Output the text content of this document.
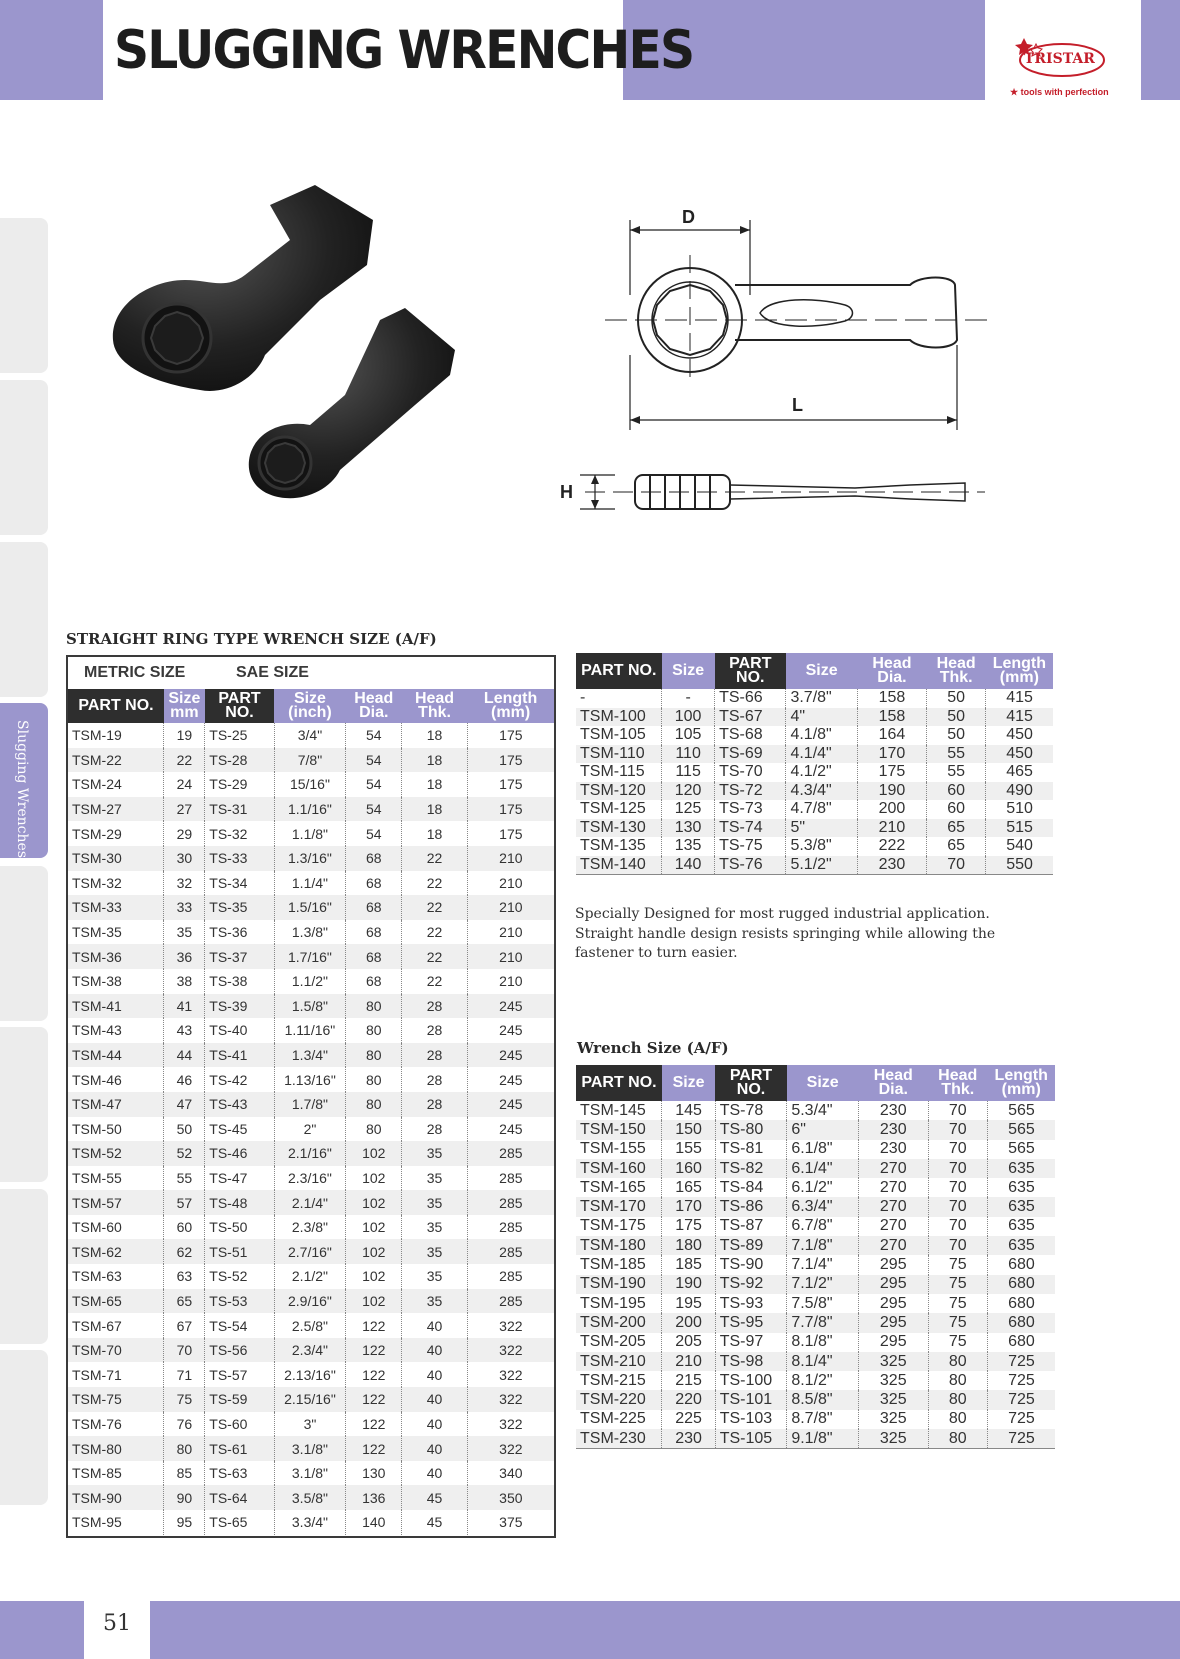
SLUGGING WRENCHES	TRISTAR
★ tools with perfection
Slugging Wrenches
D
L
H
STRAIGHT RING TYPE WRENCH SIZE (A/F)
METRIC SIZE	SAE SIZE
PART NO.	Size mm	PART NO.	Size (inch)	Head Dia.	Head Thk.	Length (mm)
TSM-19	19	TS-25	3/4"	54	18	175
TSM-22	22	TS-28	7/8"	54	18	175
TSM-24	24	TS-29	15/16"	54	18	175
TSM-27	27	TS-31	1.1/16"	54	18	175
TSM-29	29	TS-32	1.1/8"	54	18	175
TSM-30	30	TS-33	1.3/16"	68	22	210
TSM-32	32	TS-34	1.1/4"	68	22	210
TSM-33	33	TS-35	1.5/16"	68	22	210
TSM-35	35	TS-36	1.3/8"	68	22	210
TSM-36	36	TS-37	1.7/16"	68	22	210
TSM-38	38	TS-38	1.1/2"	68	22	210
TSM-41	41	TS-39	1.5/8"	80	28	245
TSM-43	43	TS-40	1.11/16"	80	28	245
TSM-44	44	TS-41	1.3/4"	80	28	245
TSM-46	46	TS-42	1.13/16"	80	28	245
TSM-47	47	TS-43	1.7/8"	80	28	245
TSM-50	50	TS-45	2"	80	28	245
TSM-52	52	TS-46	2.1/16"	102	35	285
TSM-55	55	TS-47	2.3/16"	102	35	285
TSM-57	57	TS-48	2.1/4"	102	35	285
TSM-60	60	TS-50	2.3/8"	102	35	285
TSM-62	62	TS-51	2.7/16"	102	35	285
TSM-63	63	TS-52	2.1/2"	102	35	285
TSM-65	65	TS-53	2.9/16"	102	35	285
TSM-67	67	TS-54	2.5/8"	122	40	322
TSM-70	70	TS-56	2.3/4"	122	40	322
TSM-71	71	TS-57	2.13/16"	122	40	322
TSM-75	75	TS-59	2.15/16"	122	40	322
TSM-76	76	TS-60	3"	122	40	322
TSM-80	80	TS-61	3.1/8"	122	40	322
TSM-85	85	TS-63	3.1/8"	130	40	340
TSM-90	90	TS-64	3.5/8"	136	45	350
TSM-95	95	TS-65	3.3/4"	140	45	375
PART NO.	Size	PART NO.	Size	Head Dia.	Head Thk.	Length (mm)
-	-	TS-66	3.7/8"	158	50	415
TSM-100	100	TS-67	4"	158	50	415
TSM-105	105	TS-68	4.1/8"	164	50	450
TSM-110	110	TS-69	4.1/4"	170	55	450
TSM-115	115	TS-70	4.1/2"	175	55	465
TSM-120	120	TS-72	4.3/4"	190	60	490
TSM-125	125	TS-73	4.7/8"	200	60	510
TSM-130	130	TS-74	5"	210	65	515
TSM-135	135	TS-75	5.3/8"	222	65	540
TSM-140	140	TS-76	5.1/2"	230	70	550
Specially Designed for most rugged industrial application. Straight handle design resists springing while allowing the fastener to turn easier.
Wrench Size (A/F)
PART NO.	Size	PART NO.	Size	Head Dia.	Head Thk.	Length (mm)
TSM-145	145	TS-78	5.3/4"	230	70	565
TSM-150	150	TS-80	6"	230	70	565
TSM-155	155	TS-81	6.1/8"	230	70	565
TSM-160	160	TS-82	6.1/4"	270	70	635
TSM-165	165	TS-84	6.1/2"	270	70	635
TSM-170	170	TS-86	6.3/4"	270	70	635
TSM-175	175	TS-87	6.7/8"	270	70	635
TSM-180	180	TS-89	7.1/8"	270	70	635
TSM-185	185	TS-90	7.1/4"	295	75	680
TSM-190	190	TS-92	7.1/2"	295	75	680
TSM-195	195	TS-93	7.5/8"	295	75	680
TSM-200	200	TS-95	7.7/8"	295	75	680
TSM-205	205	TS-97	8.1/8"	295	75	680
TSM-210	210	TS-98	8.1/4"	325	80	725
TSM-215	215	TS-100	8.1/2"	325	80	725
TSM-220	220	TS-101	8.5/8"	325	80	725
TSM-225	225	TS-103	8.7/8"	325	80	725
TSM-230	230	TS-105	9.1/8"	325	80	725
51
